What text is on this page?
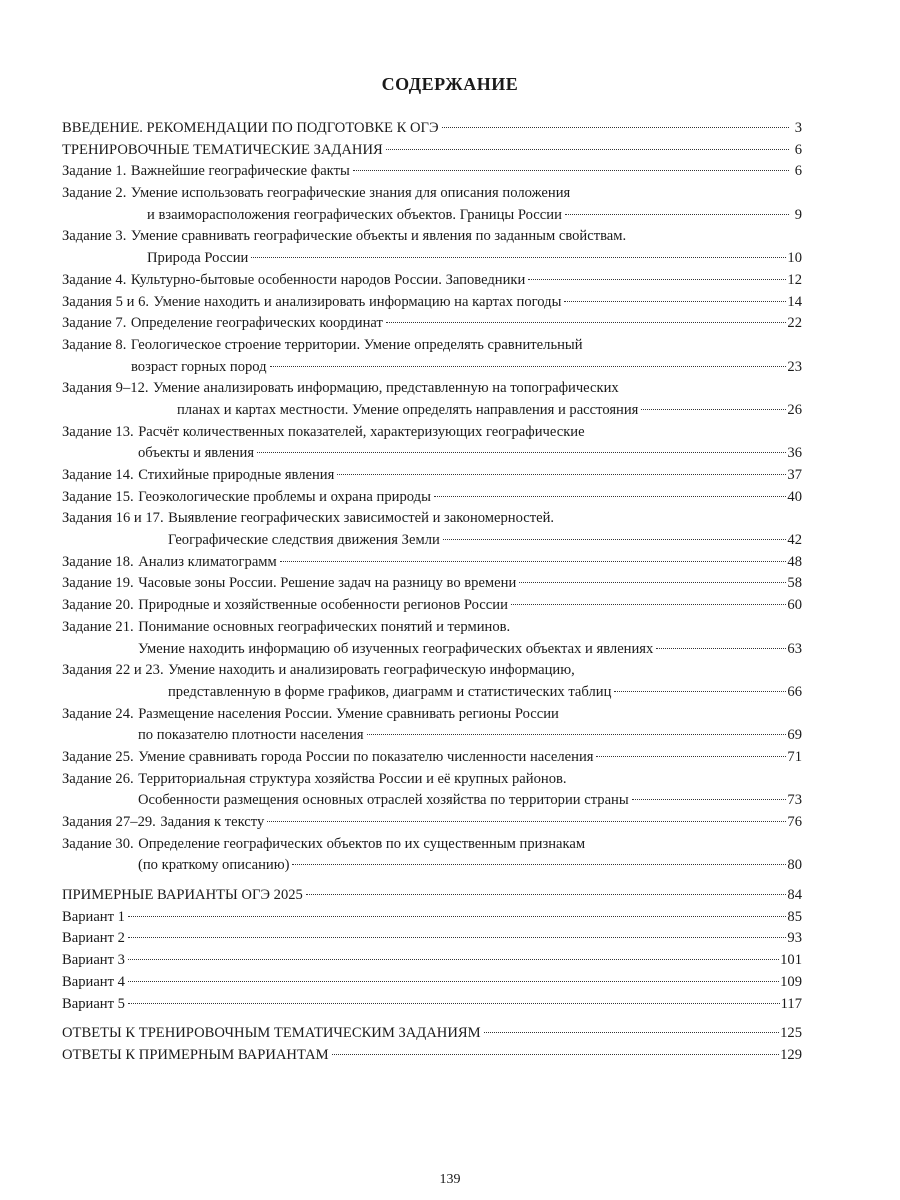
СОДЕРЖАНИЕ
ВВЕДЕНИЕ. РЕКОМЕНДАЦИИ ПО ПОДГОТОВКЕ К ОГЭ	3
ТРЕНИРОВОЧНЫЕ ТЕМАТИЧЕСКИЕ ЗАДАНИЯ	6
Задание 1. Важнейшие географические факты	6
Задание 2. Умение использовать географические знания для описания положения
и взаиморасположения географических объектов. Границы России	9
Задание 3. Умение сравнивать географические объекты и явления по заданным свойствам.
Природа России	10
Задание 4. Культурно-бытовые особенности народов России. Заповедники	12
Задания 5 и 6. Умение находить и анализировать информацию на картах погоды	14
Задание 7. Определение географических координат	22
Задание 8. Геологическое строение территории. Умение определять сравнительный
возраст горных пород	23
Задания 9–12. Умение анализировать информацию, представленную на топографических
планах и картах местности. Умение определять направления и расстояния	26
Задание 13. Расчёт количественных показателей, характеризующих географические
объекты и явления	36
Задание 14. Стихийные природные явления	37
Задание 15. Геоэкологические проблемы и охрана природы	40
Задания 16 и 17. Выявление географических зависимостей и закономерностей.
Географические следствия движения Земли	42
Задание 18. Анализ климатограмм	48
Задание 19. Часовые зоны России. Решение задач на разницу во времени	58
Задание 20. Природные и хозяйственные особенности регионов России	60
Задание 21. Понимание основных географических понятий и терминов.
Умение находить информацию об изученных географических объектах и явлениях	63
Задания 22 и 23. Умение находить и анализировать географическую информацию,
представленную в форме графиков, диаграмм и статистических таблиц	66
Задание 24. Размещение населения России. Умение сравнивать регионы России
по показателю плотности населения	69
Задание 25. Умение сравнивать города России по показателю численности населения	71
Задание 26. Территориальная структура хозяйства России и её крупных районов.
Особенности размещения основных отраслей хозяйства по территории страны	73
Задания 27–29. Задания к тексту	76
Задание 30. Определение географических объектов по их существенным признакам
(по краткому описанию)	80
ПРИМЕРНЫЕ ВАРИАНТЫ ОГЭ 2025	84
Вариант 1	85
Вариант 2	93
Вариант 3	101
Вариант 4	109
Вариант 5	117
ОТВЕТЫ К ТРЕНИРОВОЧНЫМ ТЕМАТИЧЕСКИМ ЗАДАНИЯМ	125
ОТВЕТЫ К ПРИМЕРНЫМ ВАРИАНТАМ	129
139
